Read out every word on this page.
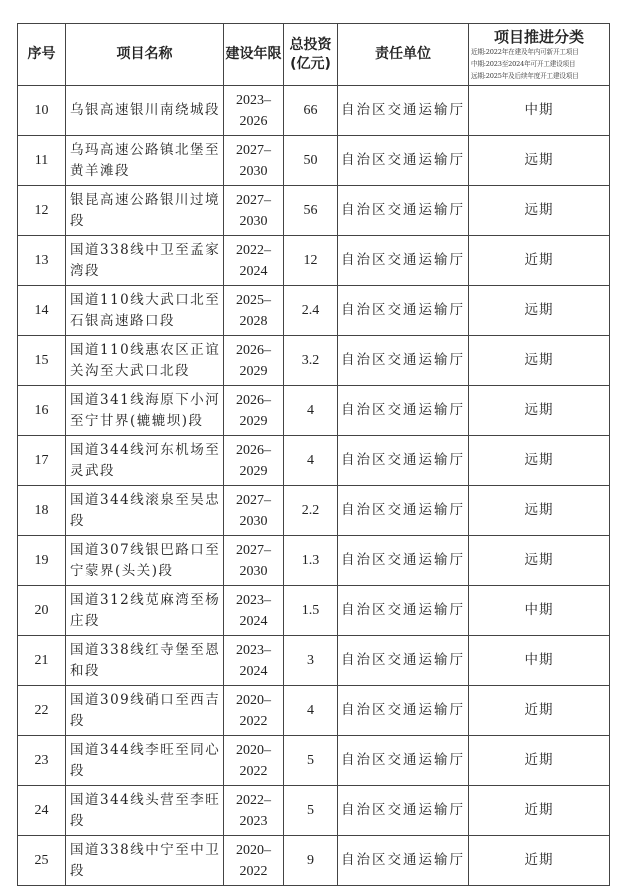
序号	项目名称	建设年限	总投资
(亿元)	责任单位	项目推进分类
近期:2022年在建及年内可新开工项目
中期:2023至2024年可开工建设项目
远期:2025年及后续年度开工建设项目

10	乌银高速银川南绕城段	2023–
2026	66	自治区交通运输厅	中期
11	乌玛高速公路镇北堡至黄羊滩段	2027–
2030	50	自治区交通运输厅	远期
12	银昆高速公路银川过境段	2027–
2030	56	自治区交通运输厅	远期
13	国道338线中卫至孟家湾段	2022–
2024	12	自治区交通运输厅	近期
14	国道110线大武口北至石银高速路口段	2025–
2028	2.4	自治区交通运输厅	远期
15	国道110线惠农区正谊关沟至大武口北段	2026–
2029	3.2	自治区交通运输厅	远期
16	国道341线海原下小河至宁甘界(辘辘坝)段	2026–
2029	4	自治区交通运输厅	远期
17	国道344线河东机场至灵武段	2026–
2029	4	自治区交通运输厅	远期
18	国道344线滚泉至吴忠段	2027–
2030	2.2	自治区交通运输厅	远期
19	国道307线银巴路口至宁蒙界(头关)段	2027–
2030	1.3	自治区交通运输厅	远期
20	国道312线苋麻湾至杨庄段	2023–
2024	1.5	自治区交通运输厅	中期
21	国道338线红寺堡至恩和段	2023–
2024	3	自治区交通运输厅	中期
22	国道309线硝口至西吉段	2020–
2022	4	自治区交通运输厅	近期
23	国道344线李旺至同心段	2020–
2022	5	自治区交通运输厅	近期
24	国道344线头营至李旺段	2022–
2023	5	自治区交通运输厅	近期
25	国道338线中宁至中卫段	2020–
2022	9	自治区交通运输厅	近期
